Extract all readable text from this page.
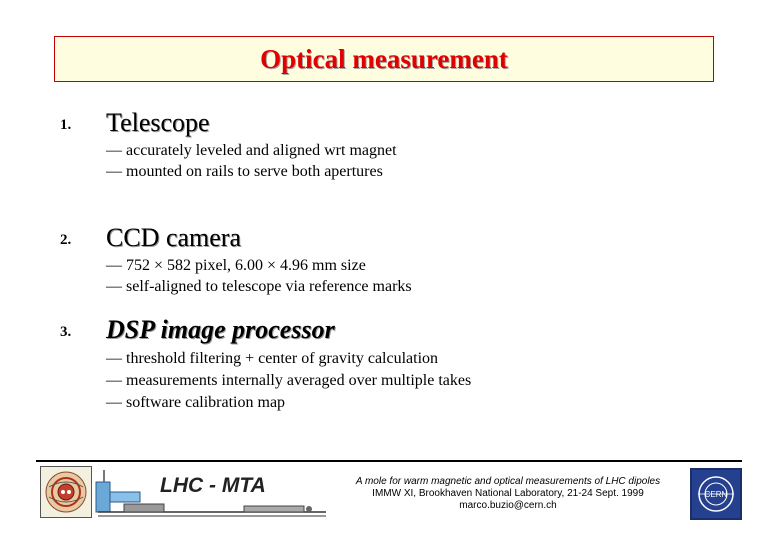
Optical measurement
1. Telescope
— accurately leveled and aligned wrt magnet
— mounted on rails to serve both apertures
2. CCD camera
— 752 × 582 pixel, 6.00 × 4.96 mm size
— self-aligned to telescope via reference marks
3. DSP image processor
— threshold filtering + center of gravity calculation
— measurements internally averaged over multiple takes
— software calibration map
LHC - MTA	A mole for warm magnetic and optical measurements of LHC dipoles
IMMW XI, Brookhaven National Laboratory, 21-24 Sept. 1999
marco.buzio@cern.ch
CERN
